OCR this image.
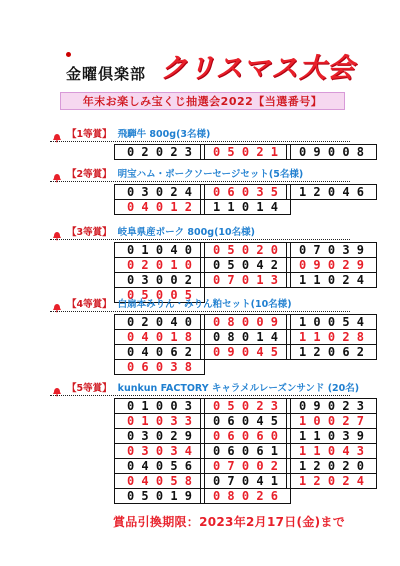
金曜倶楽部 クリスマス大会
年末お楽しみ宝くじ抽選会2022【当選番号】
【1等賞】 飛騨牛 800g(3名様)
0 2 0 2 3	0 5 0 2 1	0 9 0 0 8
【2等賞】 明宝ハム・ポークソーセージセット(5名様)
0 3 0 2 4	0 6 0 3 5	1 2 0 4 6
0 4 0 1 2	1 1 0 1 4
【3等賞】 岐阜県産ポーク 800g(10名様)
0 1 0 4 0	0 5 0 2 0	0 7 0 3 9
0 2 0 1 0	0 5 0 4 2	0 9 0 2 9
0 3 0 0 2	0 7 0 1 3	1 1 0 2 4
0 5 0 0 5
【4等賞】 白扇本みりん・みりん粕セット(10名様)
0 2 0 4 0	0 8 0 0 9	1 0 0 5 4
0 4 0 1 8	0 8 0 1 4	1 1 0 2 8
0 4 0 6 2	0 9 0 4 5	1 2 0 6 2
0 6 0 3 8
【5等賞】 kunkun FACTORY キャラメルレーズンサンド (20名)
0 1 0 0 3	0 5 0 2 3	0 9 0 2 3
0 1 0 3 3	0 6 0 4 5	1 0 0 2 7
0 3 0 2 9	0 6 0 6 0	1 1 0 3 9
0 3 0 3 4	0 6 0 6 1	1 1 0 4 3
0 4 0 5 6	0 7 0 0 2	1 2 0 2 0
0 4 0 5 8	0 7 0 4 1	1 2 0 2 4
0 5 0 1 9	0 8 0 2 6
賞品引換期限：2023年2月17日(金)まで
